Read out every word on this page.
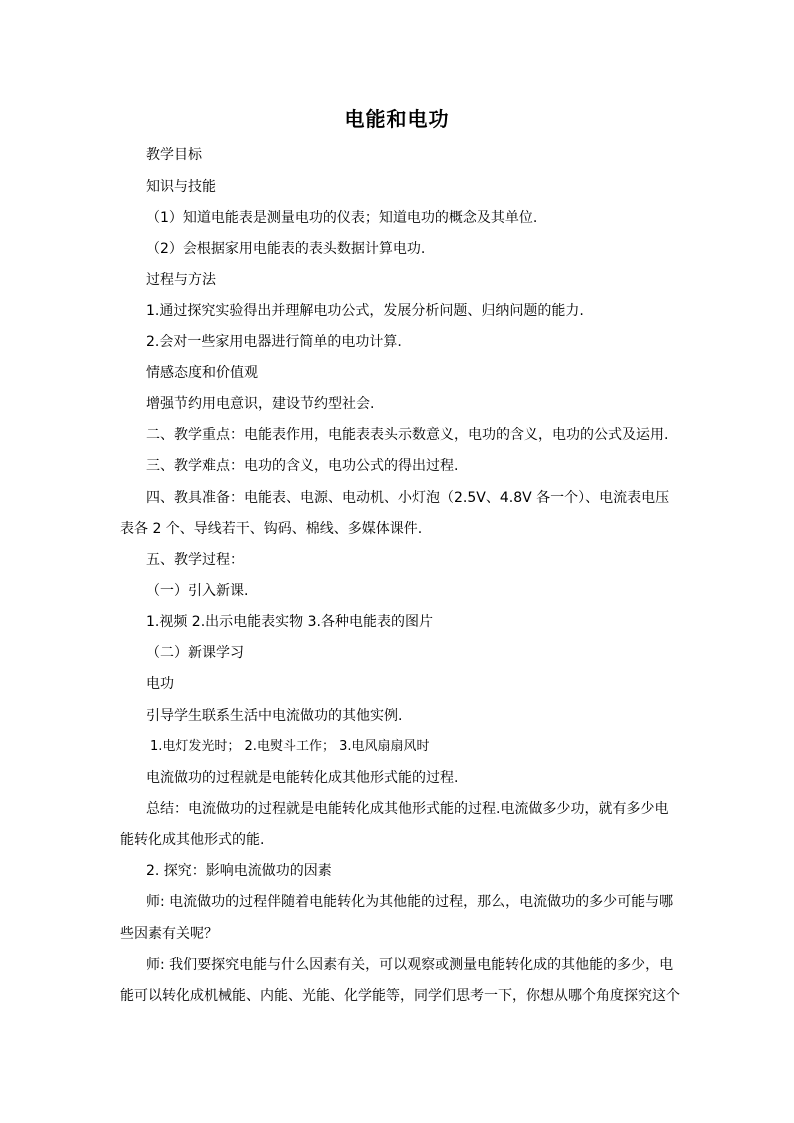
电能和电功
教学目标
知识与技能
（1）知道电能表是测量电功的仪表；知道电功的概念及其单位.
（2）会根据家用电能表的表头数据计算电功.
过程与方法
1.通过探究实验得出并理解电功公式，发展分析问题、归纳问题的能力.
2.会对一些家用电器进行简单的电功计算.
情感态度和价值观
增强节约用电意识，建设节约型社会.
二、教学重点：电能表作用，电能表表头示数意义，电功的含义，电功的公式及运用.
三、教学难点：电功的含义，电功公式的得出过程.
四、教具准备：电能表、电源、电动机、小灯泡（2.5V、4.8V 各一个）、电流表电压
表各 2 个、导线若干、钩码、棉线、多媒体课件.
五、教学过程：
（一）引入新课.
1.视频 2.出示电能表实物 3.各种电能表的图片
（二）新课学习
电功
引导学生联系生活中电流做功的其他实例.
1.电灯发光时； 2.电熨斗工作； 3.电风扇扇风时
电流做功的过程就是电能转化成其他形式能的过程.
总结：电流做功的过程就是电能转化成其他形式能的过程.电流做多少功，就有多少电
能转化成其他形式的能.
2. 探究：影响电流做功的因素
师: 电流做功的过程伴随着电能转化为其他能的过程，那么，电流做功的多少可能与哪
些因素有关呢？
师: 我们要探究电能与什么因素有关，可以观察或测量电能转化成的其他能的多少，电
能可以转化成机械能、内能、光能、化学能等，同学们思考一下，你想从哪个角度探究这个
